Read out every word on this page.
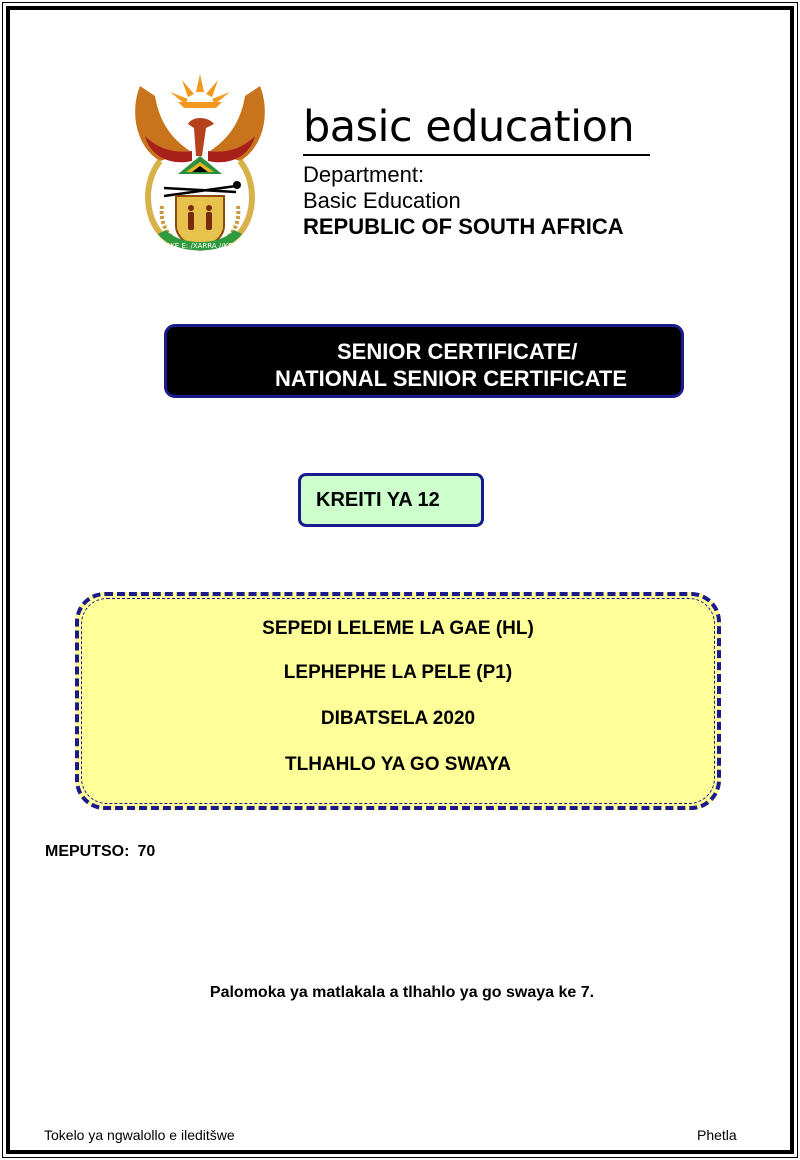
!KE E: /XARRA //KE
basic education
Department:
Basic Education
REPUBLIC OF SOUTH AFRICA
SENIOR CERTIFICATE/
NATIONAL SENIOR CERTIFICATE
KREITI YA 12
SEPEDI LELEME LA GAE (HL)
LEPHEPHE LA PELE (P1)
DIBATSELA 2020
TLHAHLO YA GO SWAYA
MEPUTSO: 70
Palomoka ya matlakala a tlhahlo ya go swaya ke 7.
Tokelo ya ngwalollo e ileditšwe	Phetla
